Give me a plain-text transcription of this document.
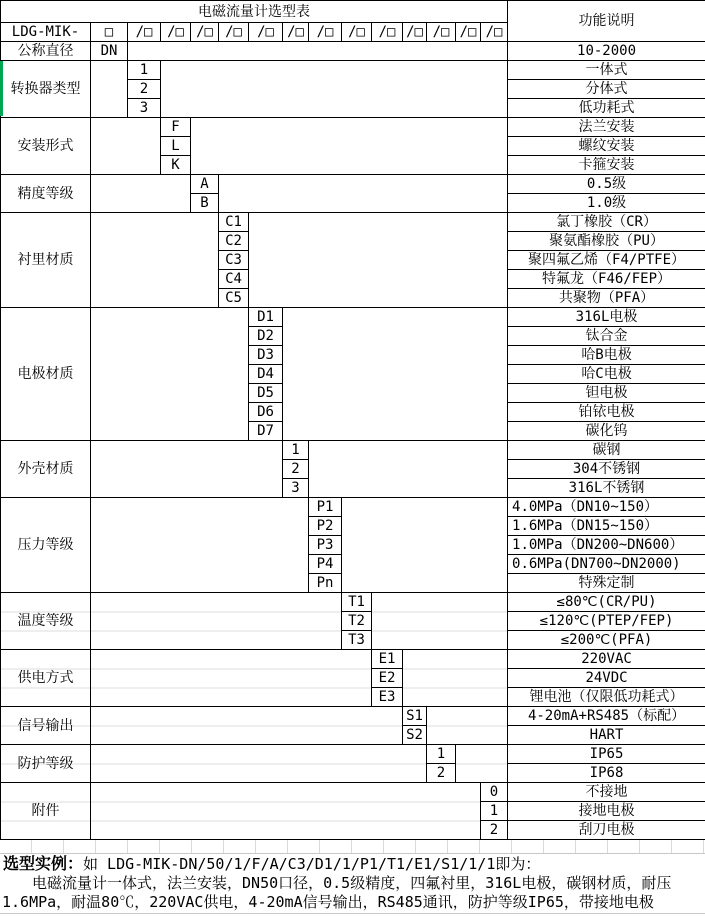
电磁流量计选型表															功能说明
LDG-MIK-	□	/□	/□	/□	/□	/□	/□	/□	/□	/□	/□	/□	/□	/□	
公称直径	DN														10-2000
转换器类型		1													一体式
		2													分体式
		3													低功耗式
安装形式			F												法兰安装
			L												螺纹安装
			K												卡箍安装
精度等级				A											0.5级
				B											1.0级
衬里材质					C1										氯丁橡胶（CR）
					C2										聚氨酯橡胶（PU）
					C3										聚四氟乙烯（F4/PTFE）
					C4										特氟龙（F46/FEP）
					C5										共聚物（PFA）
电极材质						D1									316L电极
						D2									钛合金
						D3									哈B电极
						D4									哈C电极
						D5									钽电极
						D6									铂铱电极
						D7									碳化钨
外壳材质							1								碳钢
							2								304不锈钢
							3								316L不锈钢
压力等级								P1							4.0MPa（DN10~150）
								P2							1.6MPa（DN15~150）
								P3							1.0MPa（DN200~DN600）
								P4							0.6MPa(DN700~DN2000)
								Pn							特殊定制
温度等级									T1						≤80℃(CR/PU)
									T2						≤120℃(PTEP/FEP)
									T3						≤200℃(PFA)
供电方式										E1					220VAC
										E2					24VDC
										E3					锂电池（仅限低功耗式）
信号输出											S1				4-20mA+RS485（标配）
											S2				HART
防护等级												1			IP65
												2			IP68
附件														0	不接地
														1	接地电极
														2	刮刀电极
选型实例：如 LDG-MIK-DN/50/1/F/A/C3/D1/1/P1/T1/E1/S1/1/1即为：

电磁流量计一体式，法兰安装，DN50口径，0.5级精度，四氟衬里，316L电极，碳钢材质，耐压1.6MPa，耐温80℃，220VAC供电，4-20mA信号输出，RS485通讯，防护等级IP65，带接地电极
